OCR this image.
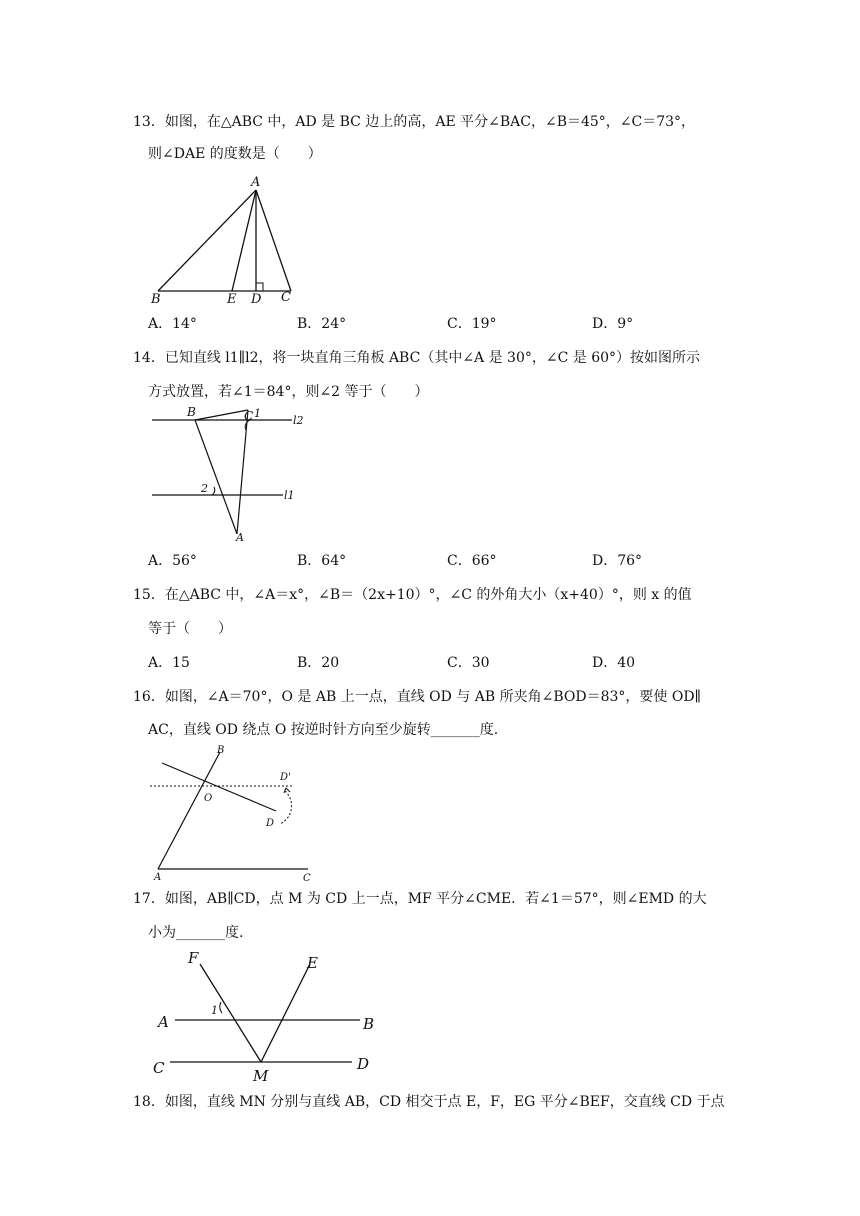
13．如图，在△ABC 中，AD 是 BC 边上的高，AE 平分∠BAC，∠B＝45°，∠C＝73°，
则∠DAE 的度数是（　　）
A
B	E D C
A．14°	B．24°	C．19°	D．9°
14．已知直线 l1∥l2，将一块直角三角板 ABC（其中∠A 是 30°，∠C 是 60°）按如图所示
方式放置，若∠1＝84°，则∠2 等于（　　）
C
B	1
l2
2
l1
A
A．56°	B．64°	C．66°	D．76°
15．在△ABC 中，∠A＝x°，∠B＝（2x+10）°，∠C 的外角大小（x+40）°，则 x 的值
等于（　　）
A．15	B．20	C．30	D．40
16．如图，∠A＝70°，O 是 AB 上一点，直线 OD 与 AB 所夹角∠BOD＝83°，要使 OD∥
AC，直线 OD 绕点 O 按逆时针方向至少旋转_______度.
B
D'
O
D
A	C
17．如图，AB∥CD，点 M 为 CD 上一点，MF 平分∠CME．若∠1＝57°，则∠EMD 的大
小为_______度.
F	E
A
1
B
C	D
M
18．如图，直线 MN 分别与直线 AB，CD 相交于点 E，F，EG 平分∠BEF，交直线 CD 于点
